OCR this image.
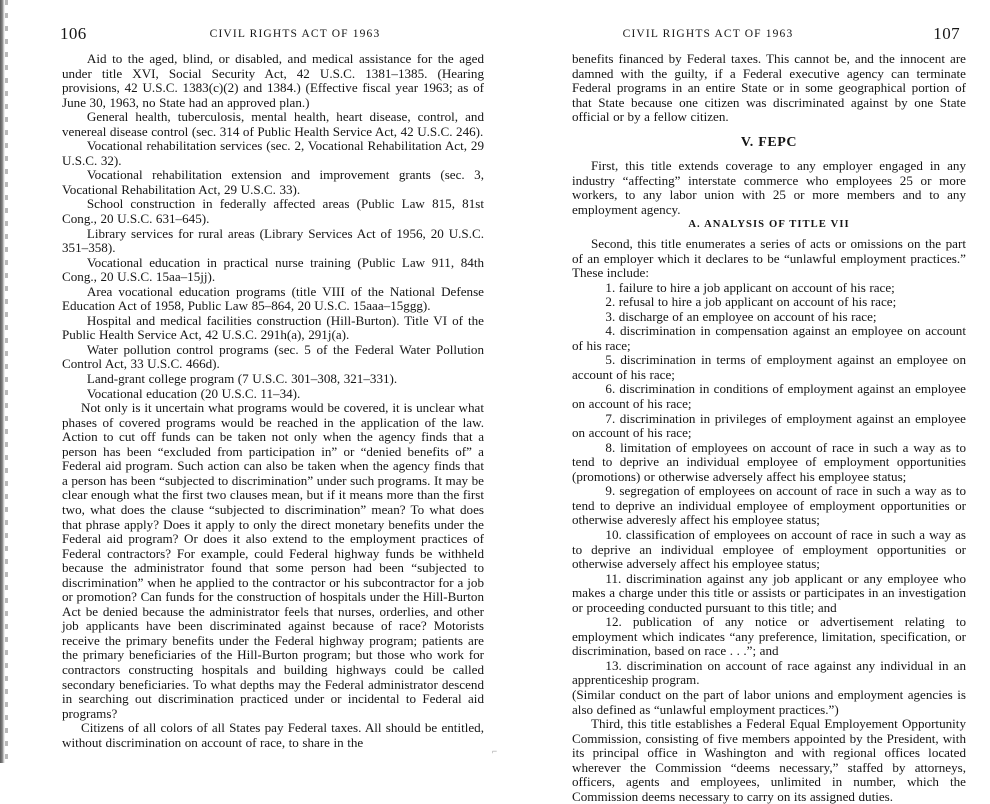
106	CIVIL RIGHTS ACT OF 1963	107
CIVIL RIGHTS ACT OF 1963

Aid to the aged, blind, or disabled, and medical assistance for the aged under title XVI, Social Security Act, 42 U.S.C. 1381–1385. (Hearing provisions, 42 U.S.C. 1383(c)(2) and 1384.) (Effective fiscal year 1963; as of June 30, 1963, no State had an approved plan.)

General health, tuberculosis, mental health, heart disease, control, and venereal disease control (sec. 314 of Public Health Service Act, 42 U.S.C. 246).

Vocational rehabilitation services (sec. 2, Vocational Rehabilitation Act, 29 U.S.C. 32).

Vocational rehabilitation extension and improvement grants (sec. 3, Vocational Rehabilitation Act, 29 U.S.C. 33).

School construction in federally affected areas (Public Law 815, 81st Cong., 20 U.S.C. 631–645).

Library services for rural areas (Library Services Act of 1956, 20 U.S.C. 351–358).

Vocational education in practical nurse training (Public Law 911, 84th Cong., 20 U.S.C. 15aa–15jj).

Area vocational education programs (title VIII of the National Defense Education Act of 1958, Public Law 85–864, 20 U.S.C. 15aaa–15ggg).

Hospital and medical facilities construction (Hill-Burton). Title VI of the Public Health Service Act, 42 U.S.C. 291h(a), 291j(a).

Water pollution control programs (sec. 5 of the Federal Water Pollution Control Act, 33 U.S.C. 466d).

Land-grant college program (7 U.S.C. 301–308, 321–331).

Vocational education (20 U.S.C. 11–34).

Not only is it uncertain what programs would be covered, it is unclear what phases of covered programs would be reached in the application of the law. Action to cut off funds can be taken not only when the agency finds that a person has been “excluded from participation in” or “denied benefits of” a Federal aid program. Such action can also be taken when the agency finds that a person has been “subjected to discrimination” under such programs. It may be clear enough what the first two clauses mean, but if it means more than the first two, what does the clause “subjected to discrimination” mean? To what does that phrase apply? Does it apply to only the direct monetary benefits under the Federal aid program? Or does it also extend to the employment practices of Federal contractors? For example, could Federal highway funds be withheld because the administrator found that some person had been “subjected to discrimination” when he applied to the contractor or his subcontractor for a job or promotion? Can funds for the construction of hospitals under the Hill-Burton Act be denied because the administrator feels that nurses, orderlies, and other job applicants have been discriminated against because of race? Motorists receive the primary benefits under the Federal highway program; patients are the primary beneficiaries of the Hill-Burton program; but those who work for contractors constructing hospitals and building highways could be called secondary beneficiaries. To what depths may the Federal administrator descend in searching out discrimination practiced under or incidental to Federal aid programs?

Citizens of all colors of all States pay Federal taxes. All should be entitled, without discrimination on account of race, to share in the

benefits financed by Federal taxes. This cannot be, and the innocent are damned with the guilty, if a Federal executive agency can terminate Federal programs in an entire State or in some geographical portion of that State because one citizen was discriminated against by one State official or by a fellow citizen.

V. FEPC

First, this title extends coverage to any employer engaged in any industry “affecting” interstate commerce who employees 25 or more workers, to any labor union with 25 or more members and to any employment agency.

A. ANALYSIS OF TITLE VII

Second, this title enumerates a series of acts or omissions on the part of an employer which it declares to be “unlawful employment practices.” These include:

1. failure to hire a job applicant on account of his race;

2. refusal to hire a job applicant on account of his race;

3. discharge of an employee on account of his race;

4. discrimination in compensation against an employee on account of his race;

5. discrimination in terms of employment against an employee on account of his race;

6. discrimination in conditions of employment against an employee on account of his race;

7. discrimination in privileges of employment against an employee on account of his race;

8. limitation of employees on account of race in such a way as to tend to deprive an individual employee of employment opportunities (promotions) or otherwise adversely affect his employee status;

9. segregation of employees on account of race in such a way as to tend to deprive an individual employee of employment opportunities or otherwise adveresly affect his employee status;

10. classification of employees on account of race in such a way as to deprive an individual employee of employment opportunities or otherwise adversely affect his employee status;

11. discrimination against any job applicant or any employee who makes a charge under this title or assists or participates in an investigation or proceeding conducted pursuant to this title; and

12. publication of any notice or advertisement relating to employment which indicates “any preference, limitation, specification, or discrimination, based on race . . .”; and

13. discrimination on account of race against any individual in an apprenticeship program.

(Similar conduct on the part of labor unions and employment agencies is also defined as “unlawful employment practices.”)

Third, this title establishes a Federal Equal Employement Opportunity Commission, consisting of five members appointed by the President, with its principal office in Washington and with regional offices located wherever the Commission “deems necessary,” staffed by attorneys, officers, agents and employees, unlimited in number, which the Commission deems necessary to carry on its assigned duties.

⌐
